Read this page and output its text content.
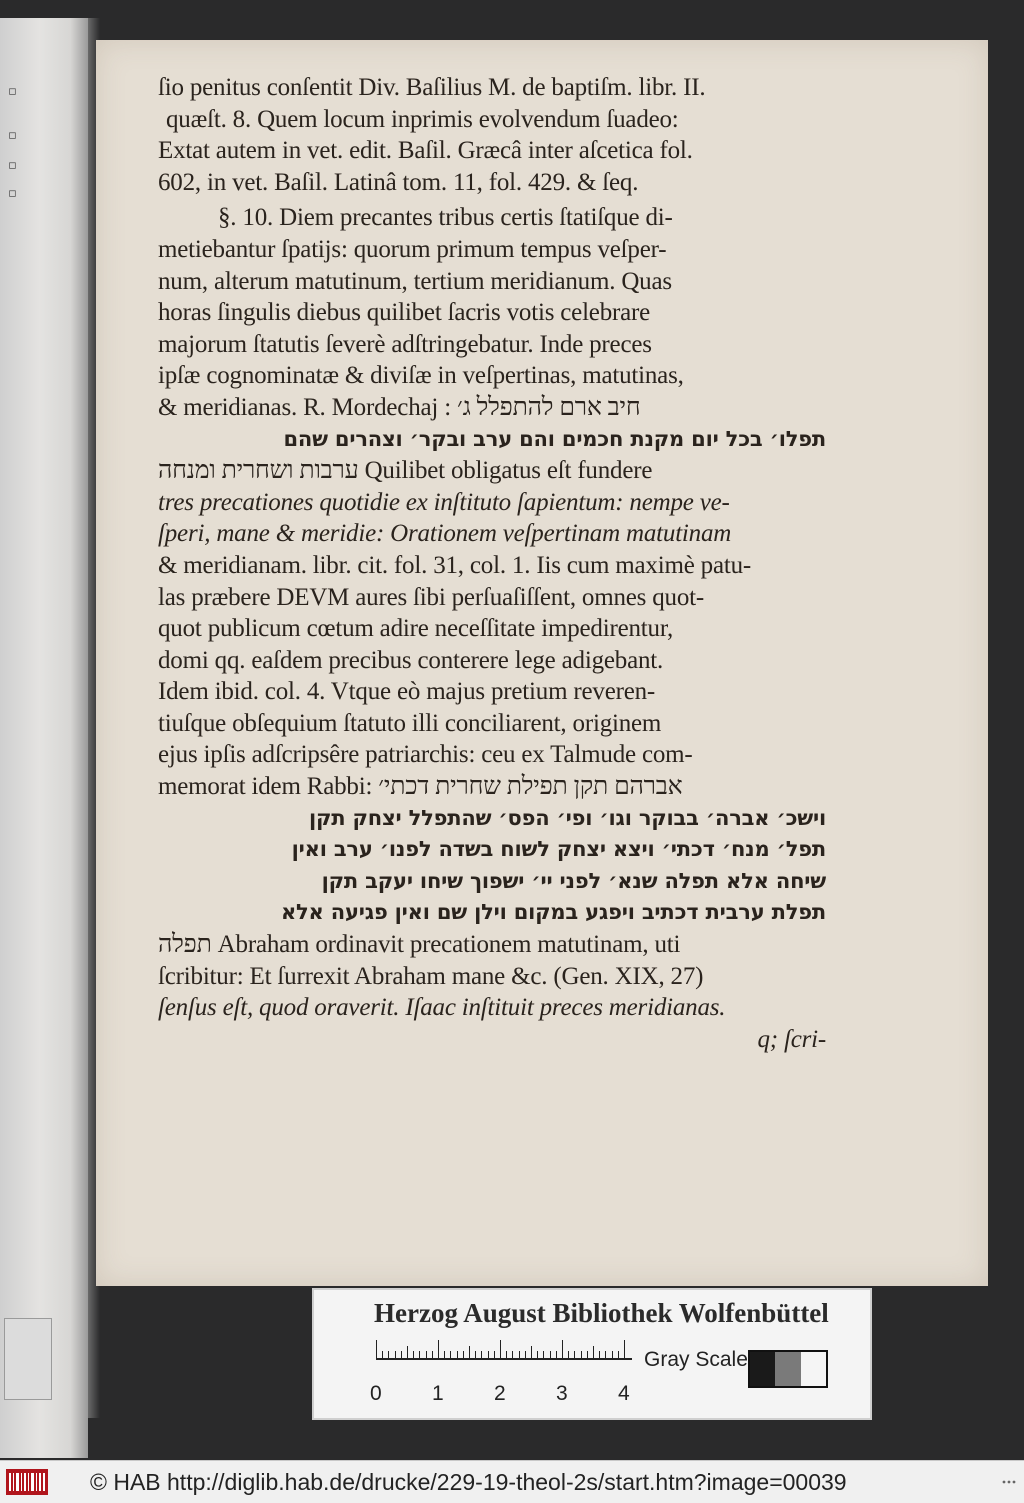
▫
▫
▫
▫
ſio penitus conſentit Div. Baſilius M. de baptiſm. libr. II.
quæſt. 8. Quem locum inprimis evolvendum ſuadeo:
Extat autem in vet. edit. Baſil. Græcâ inter aſcetica fol.
602, in vet. Baſil. Latinâ tom. 11, fol. 429. & ſeq.
§. 10. Diem precantes tribus certis ſtatiſque di-
metiebantur ſpatijs: quorum primum tempus veſper-
num, alterum matutinum, tertium meridianum. Quas
horas ſingulis diebus quilibet ſacris votis celebrare
majorum ſtatutis ſeverè adſtringebatur. Inde preces
ipſæ cognominatæ & diviſæ in veſpertinas, matutinas,
& meridianas. R. Mordechaj : חיב ארם להתפלל ג׳
תפלו׳ בכל יום מקנת חכמים והם ערב ובקר׳ וצהרים שהם
ערבות ושחרית ומנחה Quilibet obligatus eſt fundere
tres precationes quotidie ex inſtituto ſapientum: nempe ve-
ſperi, mane & meridie: Orationem veſpertinam matutinam
& meridianam. libr. cit. fol. 31, col. 1. Iis cum maximè patu-
las præbere DEVM aures ſibi perſuaſiſſent, omnes quot-
quot publicum cœtum adire neceſſitate impedirentur,
domi qq. eaſdem precibus conterere lege adigebant.
Idem ibid. col. 4. Vtque eò majus pretium reveren-
tiuſque obſequium ſtatuto illi conciliarent, originem
ejus ipſis adſcripsêre patriarchis: ceu ex Talmude com-
memorat idem Rabbi: אברהם תקן תפילת שחרית דכתי׳
וישכ׳ אברה׳ בבוקר וגו׳ ופי׳ הפס׳ שהתפלל יצחק תקן
תפל׳ מנח׳ דכתי׳ ויצא יצחק לשוח בשדה לפנו׳ ערב ואין
שיחה אלא תפלה שנא׳ לפני יי׳ ישפוך שיחו יעקב תקן
תפלת ערבית דכתיב ויפגע במקום וילן שם ואין פגיעה אלא
תפלה Abraham ordinavit precationem matutinam, uti
ſcribitur: Et ſurrexit Abraham mane &c. (Gen. XIX, 27)
ſenſus eſt, quod oraverit. Iſaac inſtituit preces meridianas.
q; ſcri-
Herzog August Bibliothek Wolfenbüttel
0 1 2 3 4
Gray Scale
© HAB http://diglib.hab.de/drucke/229-19-theol-2s/start.htm?image=00039
